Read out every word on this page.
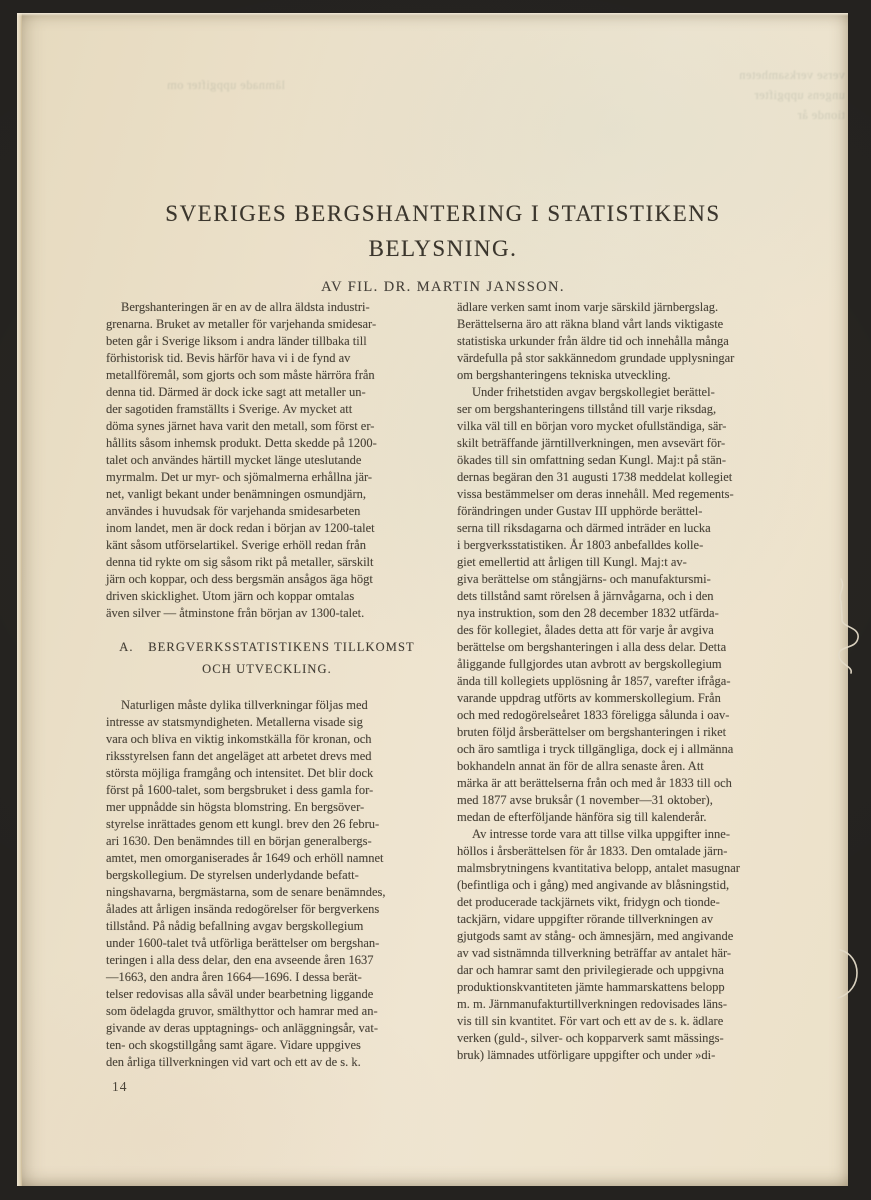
lämnade uppgifter om
verse verksamheten
ungens uppgifter
tionde år
SVERIGES BERGSHANTERING I STATISTIKENS
BELYSNING.
AV FIL. DR. MARTIN JANSSON.
Bergshanteringen är en av de allra äldsta industri-
grenarna. Bruket av metaller för varjehanda smidesar-
beten går i Sverige liksom i andra länder tillbaka till
förhistorisk tid. Bevis härför hava vi i de fynd av
metallföremål, som gjorts och som måste härröra från
denna tid. Därmed är dock icke sagt att metaller un-
der sagotiden framställts i Sverige. Av mycket att
döma synes järnet hava varit den metall, som först er-
hållits såsom inhemsk produkt. Detta skedde på 1200-
talet och användes härtill mycket länge uteslutande
myrmalm. Det ur myr- och sjömalmerna erhållna jär-
net, vanligt bekant under benämningen osmundjärn,
användes i huvudsak för varjehanda smidesarbeten
inom landet, men är dock redan i början av 1200-talet
känt såsom utförselartikel. Sverige erhöll redan från
denna tid rykte om sig såsom rikt på metaller, särskilt
järn och koppar, och dess bergsmän ansågos äga högt
driven skicklighet. Utom järn och koppar omtalas
även silver — åtminstone från början av 1300-talet.
A.  BERGVERKSSTATISTIKENS TILLKOMST
OCH UTVECKLING.
Naturligen måste dylika tillverkningar följas med
intresse av statsmyndigheten. Metallerna visade sig
vara och bliva en viktig inkomstkälla för kronan, och
riksstyrelsen fann det angeläget att arbetet drevs med
största möjliga framgång och intensitet. Det blir dock
först på 1600-talet, som bergsbruket i dess gamla for-
mer uppnådde sin högsta blomstring. En bergsöver-
styrelse inrättades genom ett kungl. brev den 26 febru-
ari 1630. Den benämndes till en början generalbergs-
amtet, men omorganiserades år 1649 och erhöll namnet
bergskollegium. De styrelsen underlydande befatt-
ningshavarna, bergmästarna, som de senare benämndes,
ålades att årligen insända redogörelser för bergverkens
tillstånd. På nådig befallning avgav bergskollegium
under 1600-talet två utförliga berättelser om bergshan-
teringen i alla dess delar, den ena avseende åren 1637
—1663, den andra åren 1664—1696. I dessa berät-
telser redovisas alla såväl under bearbetning liggande
som ödelagda gruvor, smälthyttor och hamrar med an-
givande av deras upptagnings- och anläggningsår, vat-
ten- och skogstillgång samt ägare. Vidare uppgives
den årliga tillverkningen vid vart och ett av de s. k.
ädlare verken samt inom varje särskild järnbergslag.
Berättelserna äro att räkna bland vårt lands viktigaste
statistiska urkunder från äldre tid och innehålla många
värdefulla på stor sakkännedom grundade upplysningar
om bergshanteringens tekniska utveckling.
Under frihetstiden avgav bergskollegiet berättel-
ser om bergshanteringens tillstånd till varje riksdag,
vilka väl till en början voro mycket ofullständiga, sär-
skilt beträffande järntillverkningen, men avsevärt för-
ökades till sin omfattning sedan Kungl. Maj:t på stän-
dernas begäran den 31 augusti 1738 meddelat kollegiet
vissa bestämmelser om deras innehåll. Med regements-
förändringen under Gustav III upphörde berättel-
serna till riksdagarna och därmed inträder en lucka
i bergverksstatistiken. År 1803 anbefalldes kolle-
giet emellertid att årligen till Kungl. Maj:t av-
giva berättelse om stångjärns- och manufaktursmi-
dets tillstånd samt rörelsen å järnvågarna, och i den
nya instruktion, som den 28 december 1832 utfärda-
des för kollegiet, ålades detta att för varje år avgiva
berättelse om bergshanteringen i alla dess delar. Detta
åliggande fullgjordes utan avbrott av bergskollegium
ända till kollegiets upplösning år 1857, varefter ifråga-
varande uppdrag utförts av kommerskollegium. Från
och med redogörelseåret 1833 föreligga sålunda i oav-
bruten följd årsberättelser om bergshanteringen i riket
och äro samtliga i tryck tillgängliga, dock ej i allmänna
bokhandeln annat än för de allra senaste åren. Att
märka är att berättelserna från och med år 1833 till och
med 1877 avse bruksår (1 november—31 oktober),
medan de efterföljande hänföra sig till kalenderår.
Av intresse torde vara att tillse vilka uppgifter inne-
höllos i årsberättelsen för år 1833. Den omtalade järn-
malmsbrytningens kvantitativa belopp, antalet masugnar
(befintliga och i gång) med angivande av blåsningstid,
det producerade tackjärnets vikt, fridygn och tionde-
tackjärn, vidare uppgifter rörande tillverkningen av
gjutgods samt av stång- och ämnesjärn, med angivande
av vad sistnämnda tillverkning beträffar av antalet här-
dar och hamrar samt den privilegierade och uppgivna
produktionskvantiteten jämte hammarskattens belopp
m. m. Järnmanufakturtillverkningen redovisades läns-
vis till sin kvantitet. För vart och ett av de s. k. ädlare
verken (guld-, silver- och kopparverk samt mässings-
bruk) lämnades utförligare uppgifter och under »di-
14
